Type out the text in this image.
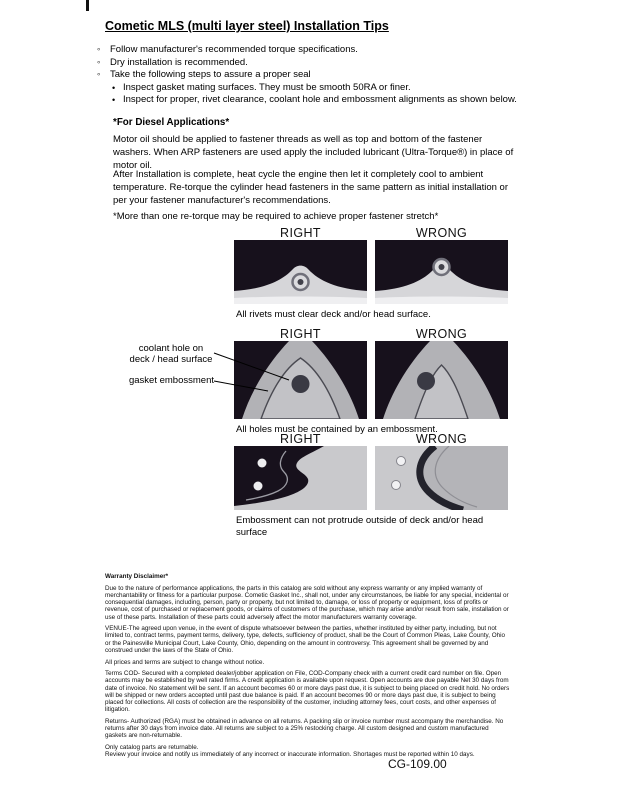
Cometic MLS (multi layer steel) Installation Tips
◦	Follow manufacturer's recommended torque specifications.
◦	Dry installation is recommended.
◦	Take the following steps to assure a proper seal
• Inspect gasket mating surfaces. They must be smooth 50RA or finer.
• Inspect for proper, rivet clearance, coolant hole and embossment alignments as shown below.
*For Diesel Applications*

Motor oil should be applied to fastener threads as well as top and bottom of the fastener washers. When ARP fasteners are used apply the included lubricant (Ultra-Torque®) in place of motor oil.

After Installation is complete, heat cycle the engine then let it completely cool to ambient temperature. Re-torque the cylinder head fasteners in the same pattern as initial installation or per your fastener manufacturer's recommendations.

*More than one re-torque may be required to achieve proper fastener stretch*

RIGHT	WRONG
All rivets must clear deck and/or head surface.
RIGHT	WRONG
All holes must be contained by an embossment.
coolant hole on deck / head surface
gasket embossment
RIGHT	WRONG
Embossment can not protrude outside of deck and/or head surface

Warranty Disclaimer*

Due to the nature of performance applications, the parts in this catalog are sold without any express warranty or any implied warranty of merchantability or fitness for a particular purpose. Cometic Gasket Inc., shall not, under any circumstances, be liable for any special, incidental or consequential damages, including, person, party or property, but not limited to, damage, or loss of property or equipment, loss of profits or revenue, cost of purchased or replacement goods, or claims of customers of the purchase, which may arise and/or result from sale, installation or use of these parts. Installation of these parts could adversely affect the motor manufacturers warranty coverage.

VENUE-The agreed upon venue, in the event of dispute whatsoever between the parties, whether instituted by either party, including, but not limited to, contract terms, payment terms, delivery, type, defects, sufficiency of product, shall be the Court of Common Pleas, Lake County, Ohio or the Painesville Municipal Court, Lake County, Ohio, depending on the amount in controversy. This agreement shall be governed by and construed under the laws of the State of Ohio.

All prices and terms are subject to change without notice.

Terms COD- Secured with a completed dealer/jobber application on File, COD-Company check with a current credit card number on file. Open accounts may be established by well rated firms. A credit application is available upon request. Open accounts are due payable Net 30 days from date of invoice. No statement will be sent. If an account becomes 60 or more days past due, it is subject to being placed on credit hold. No orders will be shipped or new orders accepted until past due balance is paid. If an account becomes 90 or more days past due, it is subject to being placed for collections. All costs of collection are the responsibility of the customer, including attorney fees, court costs, and other expenses of litigation.

Returns- Authorized (RGA) must be obtained in advance on all returns. A packing slip or invoice number must accompany the merchandise. No returns after 30 days from invoice date. All returns are subject to a 25% restocking charge. All custom designed and custom manufactured gaskets are non-returnable.

Only catalog parts are returnable.

Review your invoice and notify us immediately of any incorrect or inaccurate information. Shortages must be reported within 10 days.

CG-109.00
